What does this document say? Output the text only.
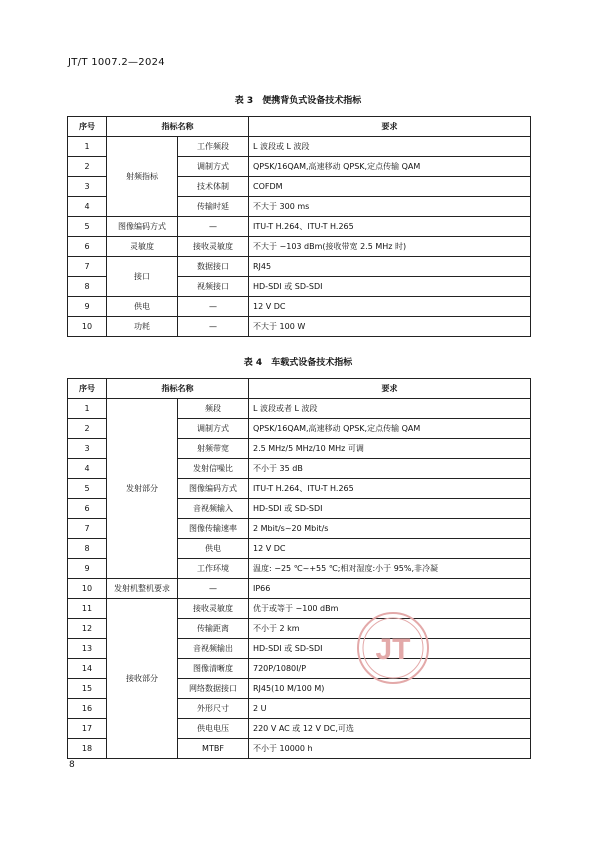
JT/T 1007.2—2024
表 3　便携背负式设备技术指标
序号	指标名称		要求
1	射频指标	工作频段	L 波段或 L 波段
2		调制方式	QPSK/16QAM,高速移动 QPSK,定点传输 QAM
3		技术体制	COFDM
4		传输时延	不大于 300 ms
5	图像编码方式	—	ITU-T H.264、ITU-T H.265
6	灵敏度	接收灵敏度	不大于 −103 dBm(接收带宽 2.5 MHz 时)
7	接口	数据接口	RJ45
8		视频接口	HD-SDI 或 SD-SDI
9	供电	—	12 V DC
10	功耗	—	不大于 100 W
表 4　车载式设备技术指标
序号	指标名称		要求
1	发射部分	频段	L 波段或者 L 波段
2		调制方式	QPSK/16QAM,高速移动 QPSK,定点传输 QAM
3		射频带宽	2.5 MHz/5 MHz/10 MHz 可调
4		发射信噪比	不小于 35 dB
5		图像编码方式	ITU-T H.264、ITU-T H.265
6		音视频输入	HD-SDI 或 SD-SDI
7		图像传输速率	2 Mbit/s~20 Mbit/s
8		供电	12 V DC
9		工作环境	温度: −25 ℃~+55 ℃;相对湿度:小于 95%,非冷凝
10	发射机整机要求	—	IP66
11	接收部分	接收灵敏度	优于或等于 −100 dBm
12		传输距离	不小于 2 km
13		音视频输出	HD-SDI 或 SD-SDI
14		图像清晰度	720P/1080I/P
15		网络数据接口	RJ45(10 M/100 M)
16		外形尺寸	2 U
17		供电电压	220 V AC 或 12 V DC,可选
18		MTBF	不小于 10000 h
JT
8
